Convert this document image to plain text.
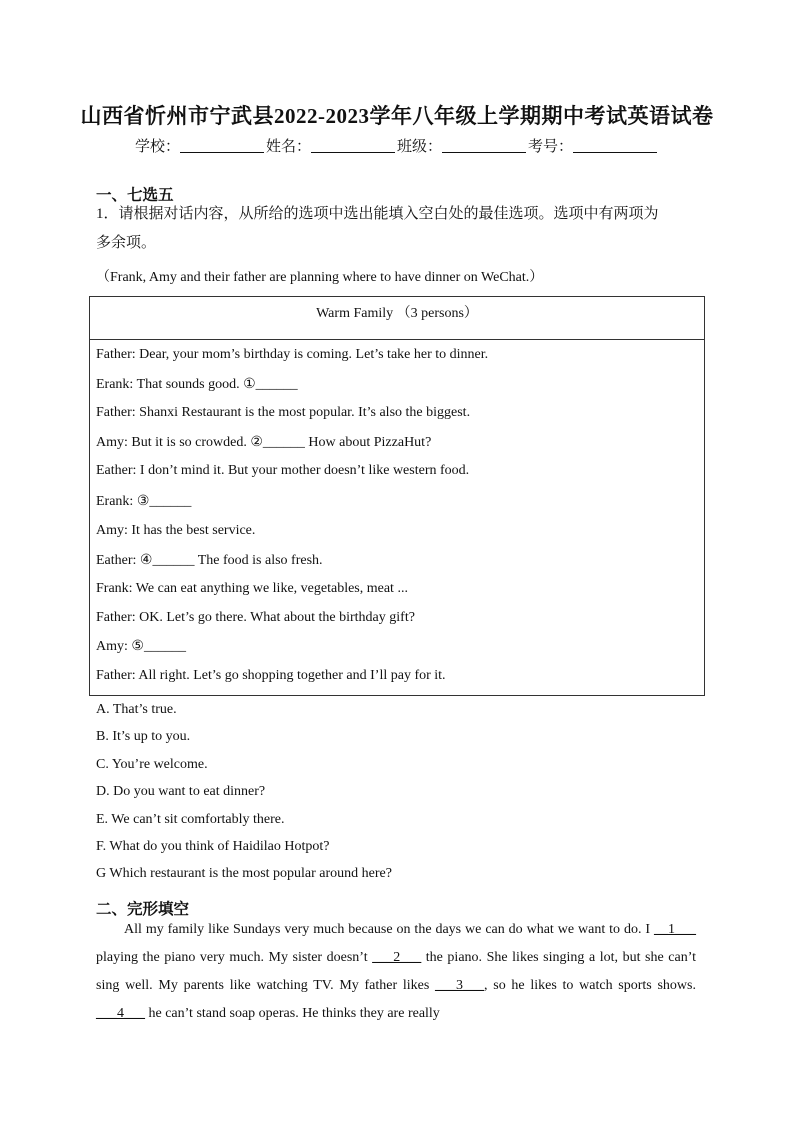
山西省忻州市宁武县2022-2023学年八年级上学期期中考试英语试卷
学校：	姓名：	班级：	考号：
一、七选五
1．请根据对话内容，从所给的选项中选出能填入空白处的最佳选项。选项中有两项为
多余项。
（Frank, Amy and their father are planning where to have dinner on WeChat.）
Warm Family （3 persons）
Father: Dear, your mom’s birthday is coming. Let’s take her to dinner.
Erank: That sounds good. ①______
Father: Shanxi Restaurant is the most popular. It’s also the biggest.
Amy: But it is so crowded. ②______ How about PizzaHut?
Eather: I don’t mind it. But your mother doesn’t like western food.
Erank: ③______
Amy: It has the best service.
Eather: ④______ The food is also fresh.
Frank: We can eat anything we like, vegetables, meat ...
Father: OK. Let’s go there. What about the birthday gift?
Amy: ⑤______
Father: All right. Let’s go shopping together and I’ll pay for it.
A. That’s true.
B. It’s up to you.
C. You’re welcome.
D. Do you want to eat dinner?
E. We can’t sit comfortably there.
F. What do you think of Haidilao Hotpot?
G Which restaurant is the most popular around here?
二、完形填空
All my family like Sundays very much because on the days we can do what we want to do. I __1___ playing the piano very much. My sister doesn’t ___2___ the piano. She likes singing a lot, but she can’t sing well. My parents like watching TV. My father likes ___3___, so he likes to watch sports shows. ___4___ he can’t stand soap operas. He thinks they are really
